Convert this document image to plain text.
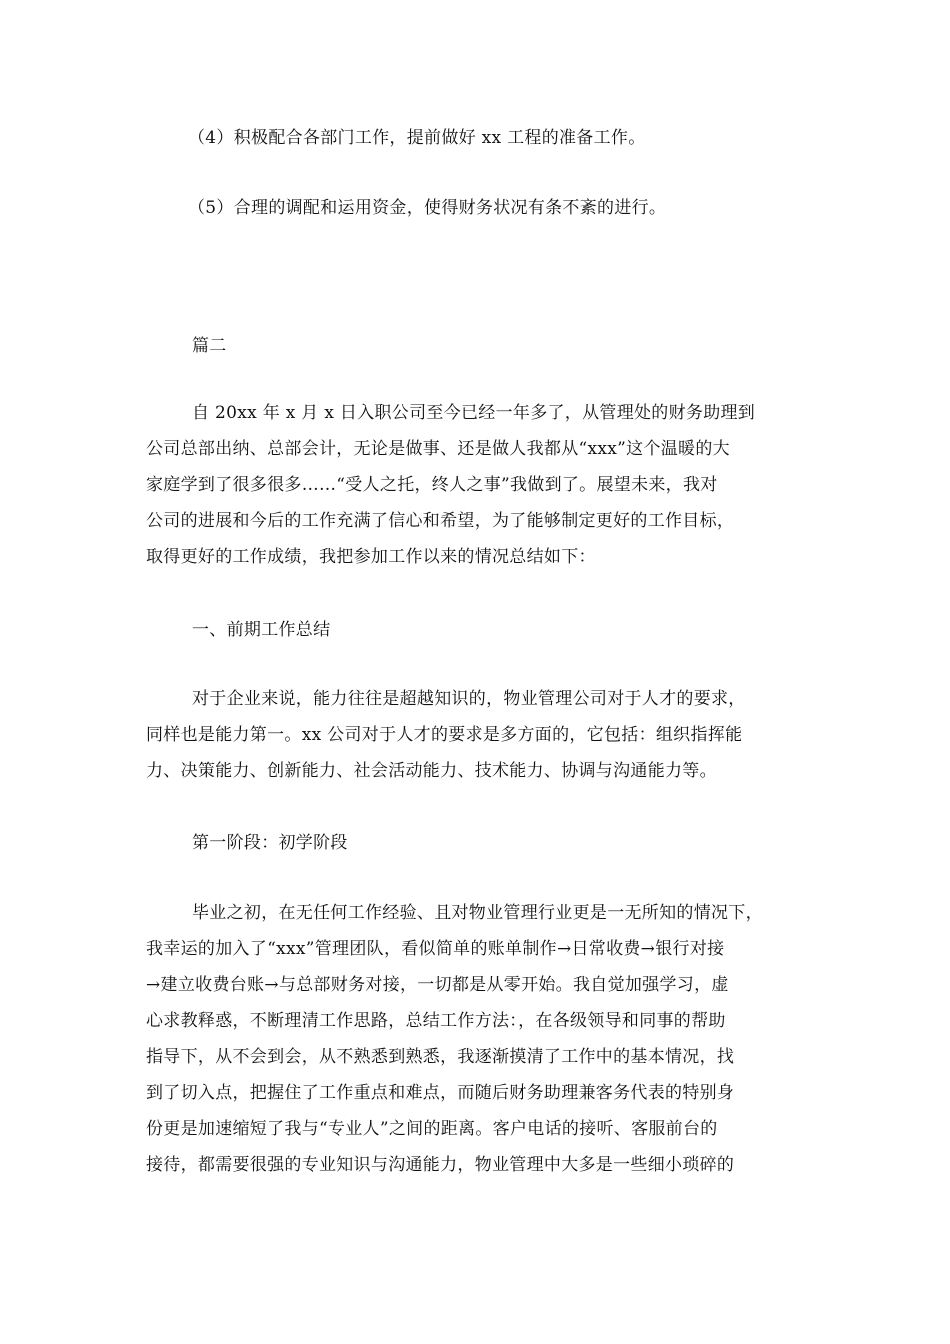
（4）积极配合各部门工作，提前做好 xx 工程的准备工作。
（5）合理的调配和运用资金，使得财务状况有条不紊的进行。
篇二
自 20xx 年 x 月 x 日入职公司至今已经一年多了，从管理处的财务助理到
公司总部出纳、总部会计，无论是做事、还是做人我都从“xxx”这个温暖的大
家庭学到了很多很多……“受人之托，终人之事”我做到了。展望未来，我对
公司的进展和今后的工作充满了信心和希望，为了能够制定更好的工作目标，
取得更好的工作成绩，我把参加工作以来的情况总结如下：
一、前期工作总结
对于企业来说，能力往往是超越知识的，物业管理公司对于人才的要求，
同样也是能力第一。xx 公司对于人才的要求是多方面的，它包括：组织指挥能
力、决策能力、创新能力、社会活动能力、技术能力、协调与沟通能力等。
第一阶段：初学阶段
毕业之初，在无任何工作经验、且对物业管理行业更是一无所知的情况下，
我幸运的加入了“xxx”管理团队，看似简单的账单制作→日常收费→银行对接
→建立收费台账→与总部财务对接，一切都是从零开始。我自觉加强学习，虚
心求教释惑，不断理清工作思路，总结工作方法：，在各级领导和同事的帮助
指导下，从不会到会，从不熟悉到熟悉，我逐渐摸清了工作中的基本情况，找
到了切入点，把握住了工作重点和难点，而随后财务助理兼客务代表的特别身
份更是加速缩短了我与“专业人”之间的距离。客户电话的接听、客服前台的
接待，都需要很强的专业知识与沟通能力，物业管理中大多是一些细小琐碎的
